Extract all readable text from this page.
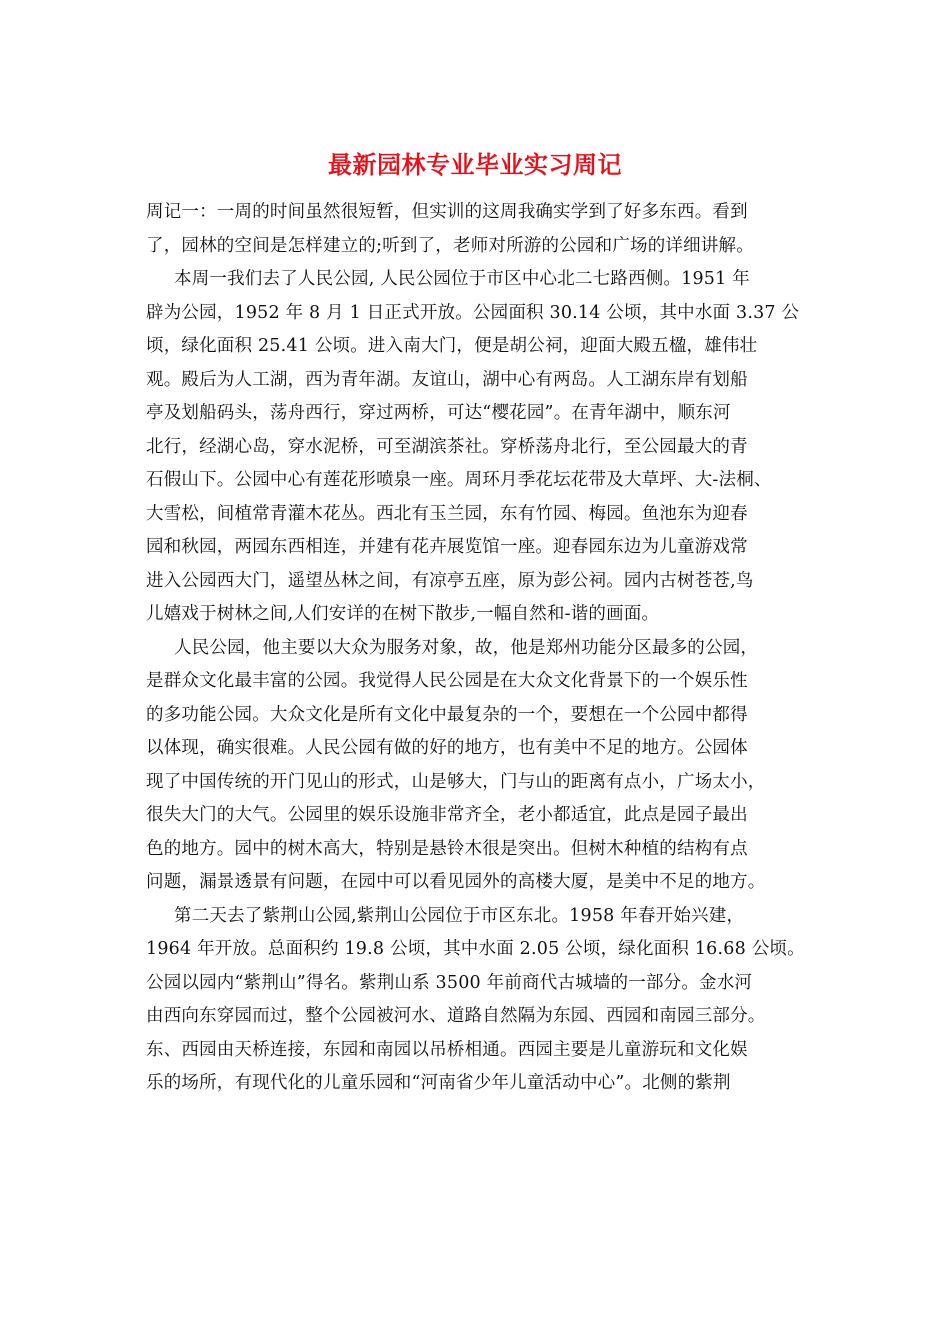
最新园林专业毕业实习周记
周记一：一周的时间虽然很短暂，但实训的这周我确实学到了好多东西。看到
了，园林的空间是怎样建立的;听到了，老师对所游的公园和广场的详细讲解。
本周一我们去了人民公园, 人民公园位于市区中心北二七路西侧。1951 年
辟为公园，1952 年 8 月 1 日正式开放。公园面积 30.14 公顷，其中水面 3.37 公
顷，绿化面积 25.41 公顷。进入南大门，便是胡公祠，迎面大殿五楹，雄伟壮
观。殿后为人工湖，西为青年湖。友谊山，湖中心有两岛。人工湖东岸有划船
亭及划船码头，荡舟西行，穿过两桥，可达“樱花园”。在青年湖中，顺东河
北行，经湖心岛，穿水泥桥，可至湖滨茶社。穿桥荡舟北行，至公园最大的青
石假山下。公园中心有莲花形喷泉一座。周环月季花坛花带及大草坪、大-法桐、
大雪松，间植常青灌木花丛。西北有玉兰园，东有竹园、梅园。鱼池东为迎春
园和秋园，两园东西相连，并建有花卉展览馆一座。迎春园东边为儿童游戏常
进入公园西大门，遥望丛林之间，有凉亭五座，原为彭公祠。园内古树苍苍,鸟
儿嬉戏于树林之间,人们安详的在树下散步,一幅自然和-谐的画面。
人民公园，他主要以大众为服务对象，故，他是郑州功能分区最多的公园，
是群众文化最丰富的公园。我觉得人民公园是在大众文化背景下的一个娱乐性
的多功能公园。大众文化是所有文化中最复杂的一个，要想在一个公园中都得
以体现，确实很难。人民公园有做的好的地方，也有美中不足的地方。公园体
现了中国传统的开门见山的形式，山是够大，门与山的距离有点小，广场太小，
很失大门的大气。公园里的娱乐设施非常齐全，老小都适宜，此点是园子最出
色的地方。园中的树木高大，特别是悬铃木很是突出。但树木种植的结构有点
问题，漏景透景有问题，在园中可以看见园外的高楼大厦，是美中不足的地方。
第二天去了紫荆山公园,紫荆山公园位于市区东北。1958 年春开始兴建，
1964 年开放。总面积约 19.8 公顷，其中水面 2.05 公顷，绿化面积 16.68 公顷。
公园以园内“紫荆山”得名。紫荆山系 3500 年前商代古城墙的一部分。金水河
由西向东穿园而过，整个公园被河水、道路自然隔为东园、西园和南园三部分。
东、西园由天桥连接，东园和南园以吊桥相通。西园主要是儿童游玩和文化娱
乐的场所，有现代化的儿童乐园和“河南省少年儿童活动中心”。北侧的紫荆
